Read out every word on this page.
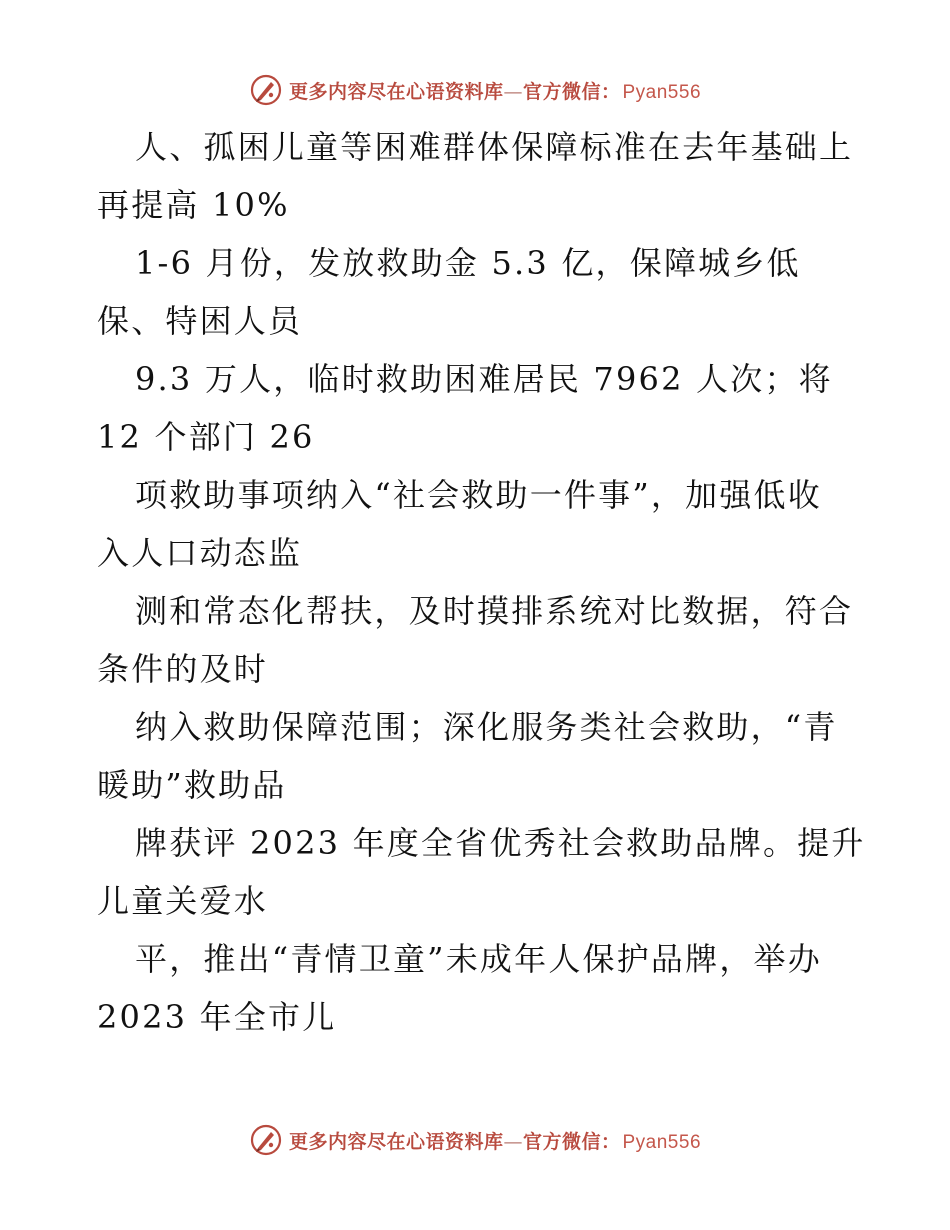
更多内容尽在心语资料库—官方微信： Pyan556
人、孤困儿童等困难群体保障标准在去年基础上
再提高 10%
1-6 月份，发放救助金 5.3 亿，保障城乡低
保、特困人员
9.3 万人，临时救助困难居民 7962 人次；将
12 个部门 26
项救助事项纳入“社会救助一件事”，加强低收
入人口动态监
测和常态化帮扶，及时摸排系统对比数据，符合
条件的及时
纳入救助保障范围；深化服务类社会救助，“青
暖助”救助品
牌获评 2023 年度全省优秀社会救助品牌。提升
儿童关爱水
平，推出“青情卫童”未成年人保护品牌，举办
2023 年全市儿
更多内容尽在心语资料库—官方微信： Pyan556
